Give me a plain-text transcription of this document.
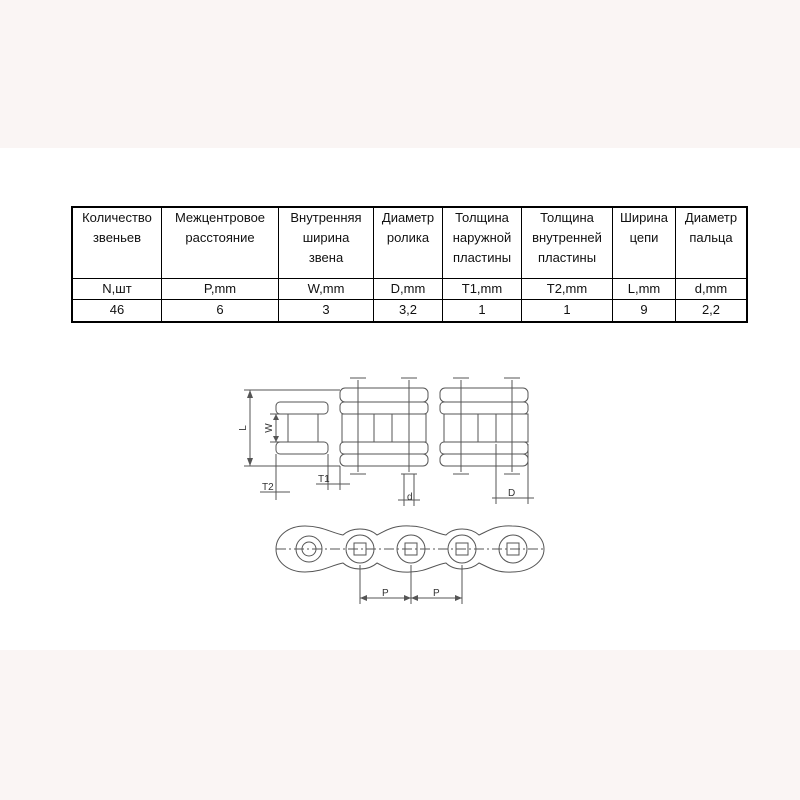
Количество
звеньев	Межцентровое
расстояние	Внутренняя
ширина
звена	Диаметр
ролика	Толщина
наружной
пластины	Толщина
внутренней
пластины	Ширина
цепи	Диаметр
пальца

N,шт	P,mm	W,mm	D,mm	T1,mm	T2,mm	L,mm	d,mm
46	6	3	3,2	1	1	9	2,2
L W
T2
T1
d	D
P	P
